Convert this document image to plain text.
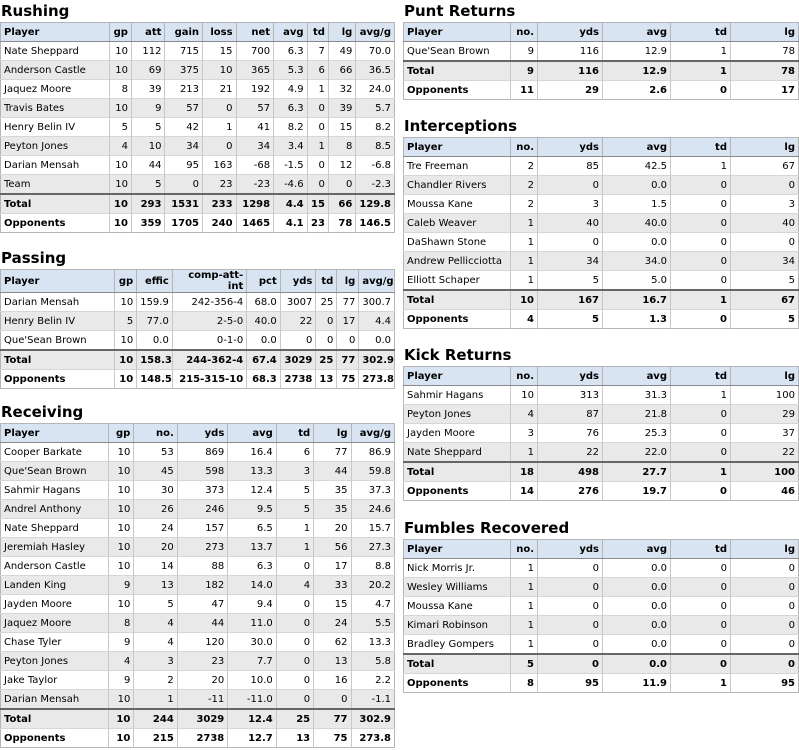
Rushing
Player	gp	att	gain	loss	net	avg	td	lg	avg/g
Nate Sheppard	10	112	715	15	700	6.3	7	49	70.0
Anderson Castle	10	69	375	10	365	5.3	6	66	36.5
Jaquez Moore	8	39	213	21	192	4.9	1	32	24.0
Travis Bates	10	9	57	0	57	6.3	0	39	5.7
Henry Belin IV	5	5	42	1	41	8.2	0	15	8.2
Peyton Jones	4	10	34	0	34	3.4	1	8	8.5
Darian Mensah	10	44	95	163	-68	-1.5	0	12	-6.8
Team	10	5	0	23	-23	-4.6	0	0	-2.3
Total	10	293	1531	233	1298	4.4	15	66	129.8
Opponents	10	359	1705	240	1465	4.1	23	78	146.5
Passing
Player	gp	effic	comp-att-int	pct	yds	td	lg	avg/g
Darian Mensah	10	159.9	242-356-4	68.0	3007	25	77	300.7
Henry Belin IV	5	77.0	2-5-0	40.0	22	0	17	4.4
Que'Sean Brown	10	0.0	0-1-0	0.0	0	0	0	0.0
Total	10	158.3	244-362-4	67.4	3029	25	77	302.9
Opponents	10	148.5	215-315-10	68.3	2738	13	75	273.8
Receiving
Player	gp	no.	yds	avg	td	lg	avg/g
Cooper Barkate	10	53	869	16.4	6	77	86.9
Que'Sean Brown	10	45	598	13.3	3	44	59.8
Sahmir Hagans	10	30	373	12.4	5	35	37.3
Andrel Anthony	10	26	246	9.5	5	35	24.6
Nate Sheppard	10	24	157	6.5	1	20	15.7
Jeremiah Hasley	10	20	273	13.7	1	56	27.3
Anderson Castle	10	14	88	6.3	0	17	8.8
Landen King	9	13	182	14.0	4	33	20.2
Jayden Moore	10	5	47	9.4	0	15	4.7
Jaquez Moore	8	4	44	11.0	0	24	5.5
Chase Tyler	9	4	120	30.0	0	62	13.3
Peyton Jones	4	3	23	7.7	0	13	5.8
Jake Taylor	9	2	20	10.0	0	16	2.2
Darian Mensah	10	1	-11	-11.0	0	0	-1.1
Total	10	244	3029	12.4	25	77	302.9
Opponents	10	215	2738	12.7	13	75	273.8
Punt Returns
Player	no.	yds	avg	td	lg
Que'Sean Brown	9	116	12.9	1	78
Total	9	116	12.9	1	78
Opponents	11	29	2.6	0	17
Interceptions
Player	no.	yds	avg	td	lg
Tre Freeman	2	85	42.5	1	67
Chandler Rivers	2	0	0.0	0	0
Moussa Kane	2	3	1.5	0	3
Caleb Weaver	1	40	40.0	0	40
DaShawn Stone	1	0	0.0	0	0
Andrew Pellicciotta	1	34	34.0	0	34
Elliott Schaper	1	5	5.0	0	5
Total	10	167	16.7	1	67
Opponents	4	5	1.3	0	5
Kick Returns
Player	no.	yds	avg	td	lg
Sahmir Hagans	10	313	31.3	1	100
Peyton Jones	4	87	21.8	0	29
Jayden Moore	3	76	25.3	0	37
Nate Sheppard	1	22	22.0	0	22
Total	18	498	27.7	1	100
Opponents	14	276	19.7	0	46
Fumbles Recovered
Player	no.	yds	avg	td	lg
Nick Morris Jr.	1	0	0.0	0	0
Wesley Williams	1	0	0.0	0	0
Moussa Kane	1	0	0.0	0	0
Kimari Robinson	1	0	0.0	0	0
Bradley Gompers	1	0	0.0	0	0
Total	5	0	0.0	0	0
Opponents	8	95	11.9	1	95
